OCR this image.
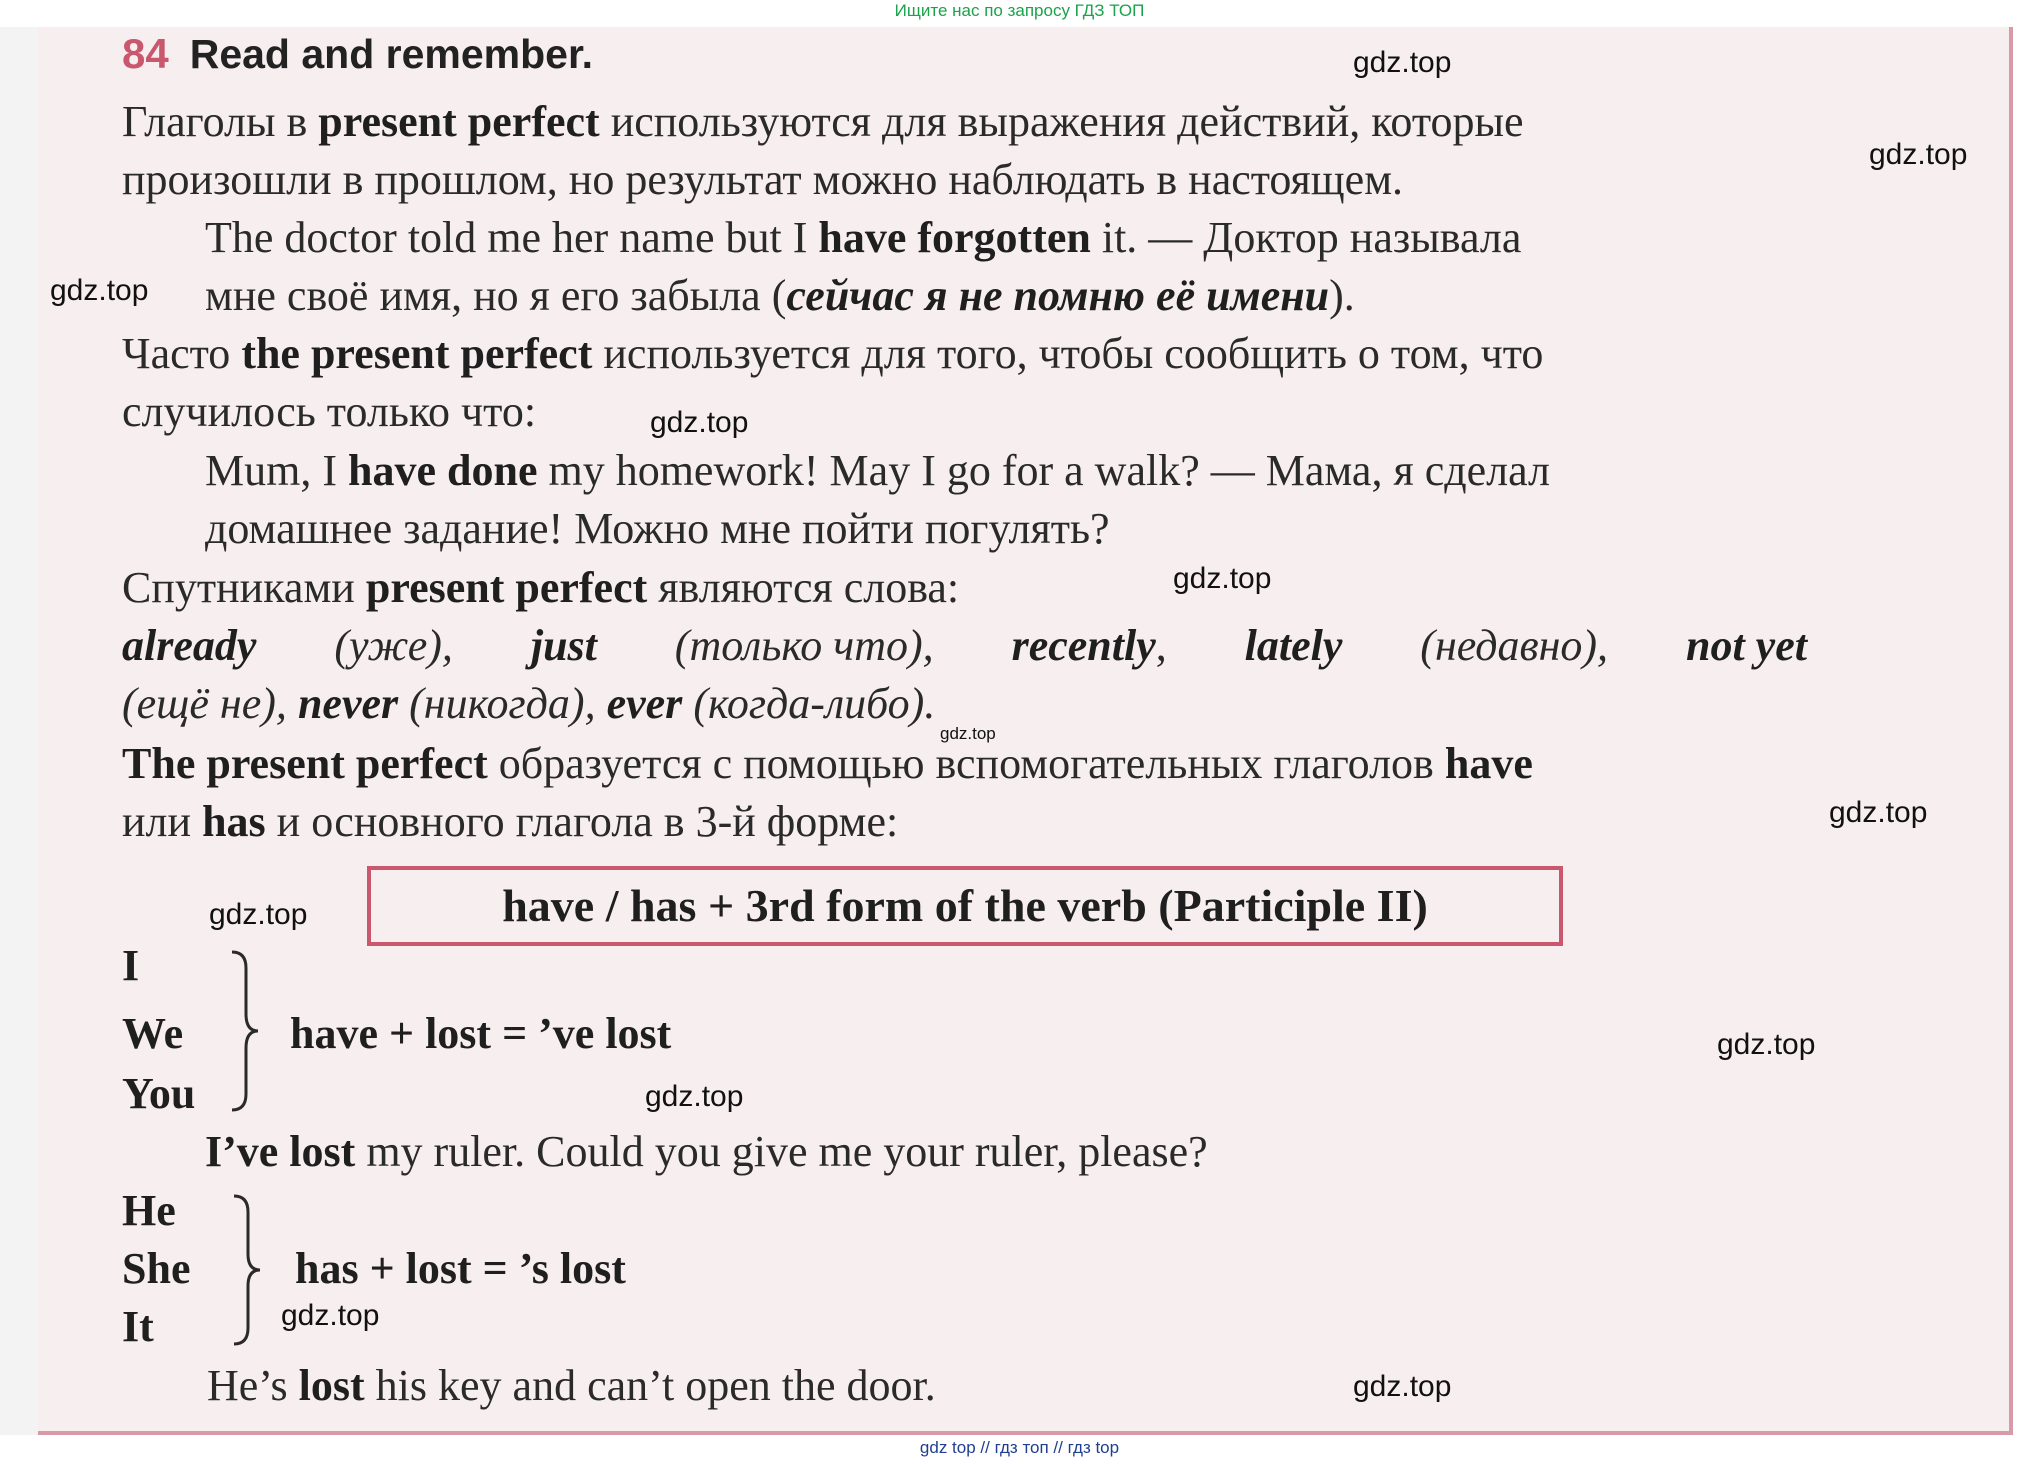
Ищите нас по запросу ГДЗ ТОП
84 Read and remember.
Глаголы в present perfect используются для выражения действий, которые
произошли в прошлом, но результат можно наблюдать в настоящем.
The doctor told me her name but I have forgotten it. — Доктор называла
мне своё имя, но я его забыла (сейчас я не помню её имени).
Часто the present perfect используется для того, чтобы сообщить о том, что
случилось только что:
Mum, I have done my homework! May I go for a walk? — Мама, я сделал
домашнее задание! Можно мне пойти погулять?
Спутниками present perfect являются слова:
already (уже), just (только что), recently, lately (недавно), not yet
(ещё не), never (никогда), ever (когда-либо).
The present perfect образуется с помощью вспомогательных глаголов have
или has и основного глагола в 3-й форме:
have / has + 3rd form of the verb (Participle II)
I
We
You
have + lost = ’ve lost
I’ve lost my ruler. Could you give me your ruler, please?
He
She
It
has + lost = ’s lost
He’s lost his key and can’t open the door.
gdz.top
gdz.top
gdz.top
gdz.top
gdz.top
gdz.top
gdz.top
gdz.top
gdz.top
gdz.top
gdz.top
gdz.top
gdz top // гдз топ // гдз top
